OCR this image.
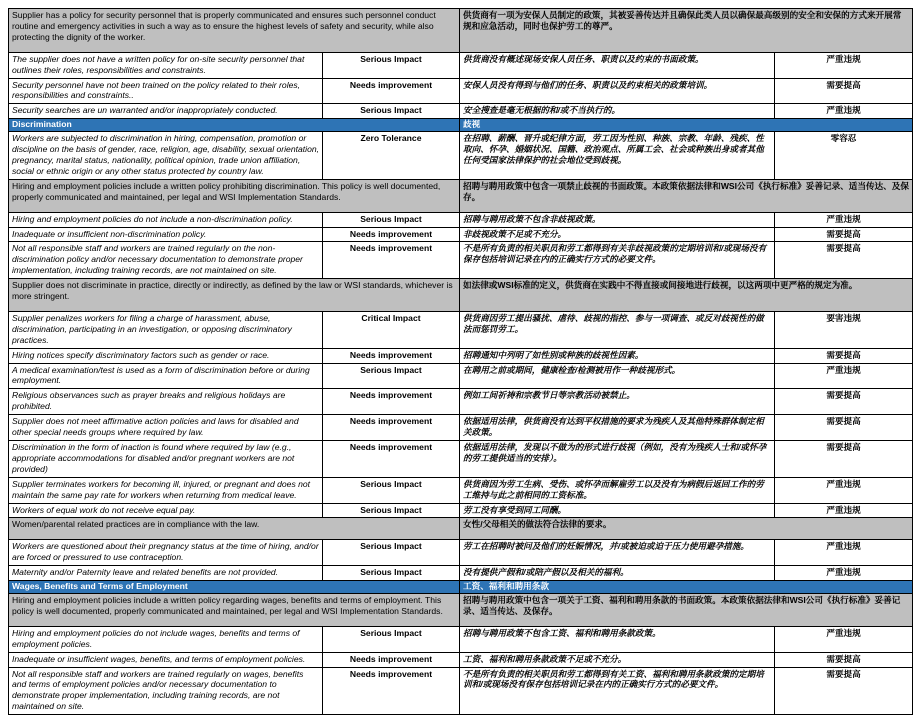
Supplier has a policy for security personnel that is properly communicated and ensures such personnel conduct routine and emergency activities in such a way as to ensure the highest levels of safety and security, while also protecting the dignity of the worker.		供货商有一项为安保人员制定的政策，其被妥善传达并且确保此类人员以确保最高级别的安全和安保的方式来开展常规和应急活动，同时也保护劳工的尊严。	
The supplier does not have a written policy for on-site security personnel that outlines their roles, responsibilities and constraints.	Serious Impact	供货商没有概述现场安保人员任务、职责以及约束的书面政策。	严重违规
Security personnel have not been trained on the policy related to their roles, responsibilities and constraints..	Needs improvement	安保人员没有得到与他们的任务、职责以及约束相关的政策培训。	需要提高
Security searches are un warranted and/or inappropriately conducted.	Serious Impact	安全搜查是毫无根据的和/或不当执行的。	严重违规
Discrimination		歧视	
Workers are subjected to discrimination in hiring, compensation, promotion or discipline on the basis of gender, race, religion, age, disability, sexual orientation, pregnancy, marital status, nationality, political opinion, trade union affiliation, social or ethnic origin or any other status protected by country law.	Zero Tolerance	在招聘、薪酬、晋升或纪律方面，劳工因为性别、种族、宗教、年龄、残疾、性取向、怀孕、婚姻状况、国籍、政治观点、所属工会、社会或种族出身或者其他任何受国家法律保护的社会地位受到歧视。	零容忍
Hiring and employment policies include a written policy prohibiting discrimination. This policy is well documented, properly communicated and maintained, per legal and WSI Implementation Standards.		招聘与聘用政策中包含一项禁止歧视的书面政策。本政策依据法律和WSI公司《执行标准》妥善记录、适当传达、及保存。	
Hiring and employment policies do not include a non-discrimination policy.	Serious Impact	招聘与聘用政策不包含非歧视政策。	严重违规
Inadequate or insufficient non-discrimination policy.	Needs improvement	非歧视政策不足或不充分。	需要提高
Not all responsible staff and workers are trained regularly on the non-discrimination policy and/or necessary documentation to demonstrate proper implementation, including training records, are not maintained on site.	Needs improvement	不是所有负责的相关职员和劳工都得到有关非歧视政策的定期培训和/或现场没有保存包括培训记录在内的正确实行方式的必要文件。	需要提高
Supplier does not discriminate in practice, directly or indirectly, as defined by the law or WSI standards, whichever is more stringent.		如法律或WSI标准的定义，供货商在实践中不得直接或间接地进行歧视，以这两项中更严格的规定为准。	
Supplier penalizes workers for filing a charge of harassment, abuse, discrimination, participating in an investigation, or opposing discriminatory practices.	Critical Impact	供货商因劳工提出骚扰、虐待、歧视的指控、参与一项调查、或反对歧视性的做法而惩罚劳工。	要害违规
Hiring notices specify discriminatory factors such as gender or race.	Needs improvement	招聘通知中列明了如性别或种族的歧视性因素。	需要提高
A medical examination/test is used as a form of discrimination before or during employment.	Serious Impact	在聘用之前或期间，健康检查/检测被用作一种歧视形式。	严重违规
Religious observances such as prayer breaks and religious holidays are prohibited.	Needs improvement	例如工间祈祷和宗教节日等宗教活动被禁止。	需要提高
Supplier does not meet affirmative action policies and laws for disabled and other special needs groups where required by law.	Needs improvement	依据适用法律，供货商没有达到平权措施的要求为残疾人及其他特殊群体制定相关政策。	需要提高
Discrimination in the form of inaction is found where required by law (e.g., appropriate accommodations for disabled and/or pregnant workers are not provided)	Needs improvement	依据适用法律，发现以不做为的形式进行歧视（例如，没有为残疾人士和/或怀孕的劳工提供适当的安排）。	需要提高
Supplier terminates workers for becoming ill, injured, or pregnant and does not maintain the same pay rate for workers when returning from medical leave.	Serious Impact	供货商因为劳工生病、受伤、或怀孕而解雇劳工以及没有为病假后返回工作的劳工维持与此之前相同的工资标准。	严重违规
Workers of equal work do not receive equal pay.	Serious Impact	劳工没有享受到同工同酬。	严重违规
Women/parental related practices are in compliance with the law.		女性/父母相关的做法符合法律的要求。	
Workers are questioned about their pregnancy status at the time of hiring, and/or are forced or pressured to use contraception.	Serious Impact	劳工在招聘时被问及他们的妊娠情况，并/或被迫或迫于压力使用避孕措施。	严重违规
Maternity and/or Paternity leave and related benefits are not provided.	Serious Impact	没有提供产假和/或陪产假以及相关的福利。	严重违规
Wages, Benefits and Terms of Employment		工资、福利和聘用条款	
Hiring and employment policies include a written policy regarding wages, benefits and terms of employment. This policy is well documented, properly communicated and maintained, per legal and WSI Implementation Standards.		招聘与聘用政策中包含一项关于工资、福利和聘用条款的书面政策。本政策依据法律和WSI公司《执行标准》妥善记录、适当传达、及保存。	
Hiring and employment policies do not include wages, benefits and terms of employment policies.	Serious Impact	招聘与聘用政策不包含工资、福利和聘用条款政策。	严重违规
Inadequate or insufficient wages, benefits, and terms of employment policies.	Needs improvement	工资、福利和聘用条款政策不足或不充分。	需要提高
Not all responsible staff and workers are trained regularly on wages, benefits and terms of employment policies and/or necessary documentation to demonstrate proper implementation, including training records, are not maintained on site.	Needs improvement	不是所有负责的相关职员和劳工都得到有关工资、福利和聘用条款政策的定期培训和/或现场没有保存包括培训记录在内的正确实行方式的必要文件。	需要提高
